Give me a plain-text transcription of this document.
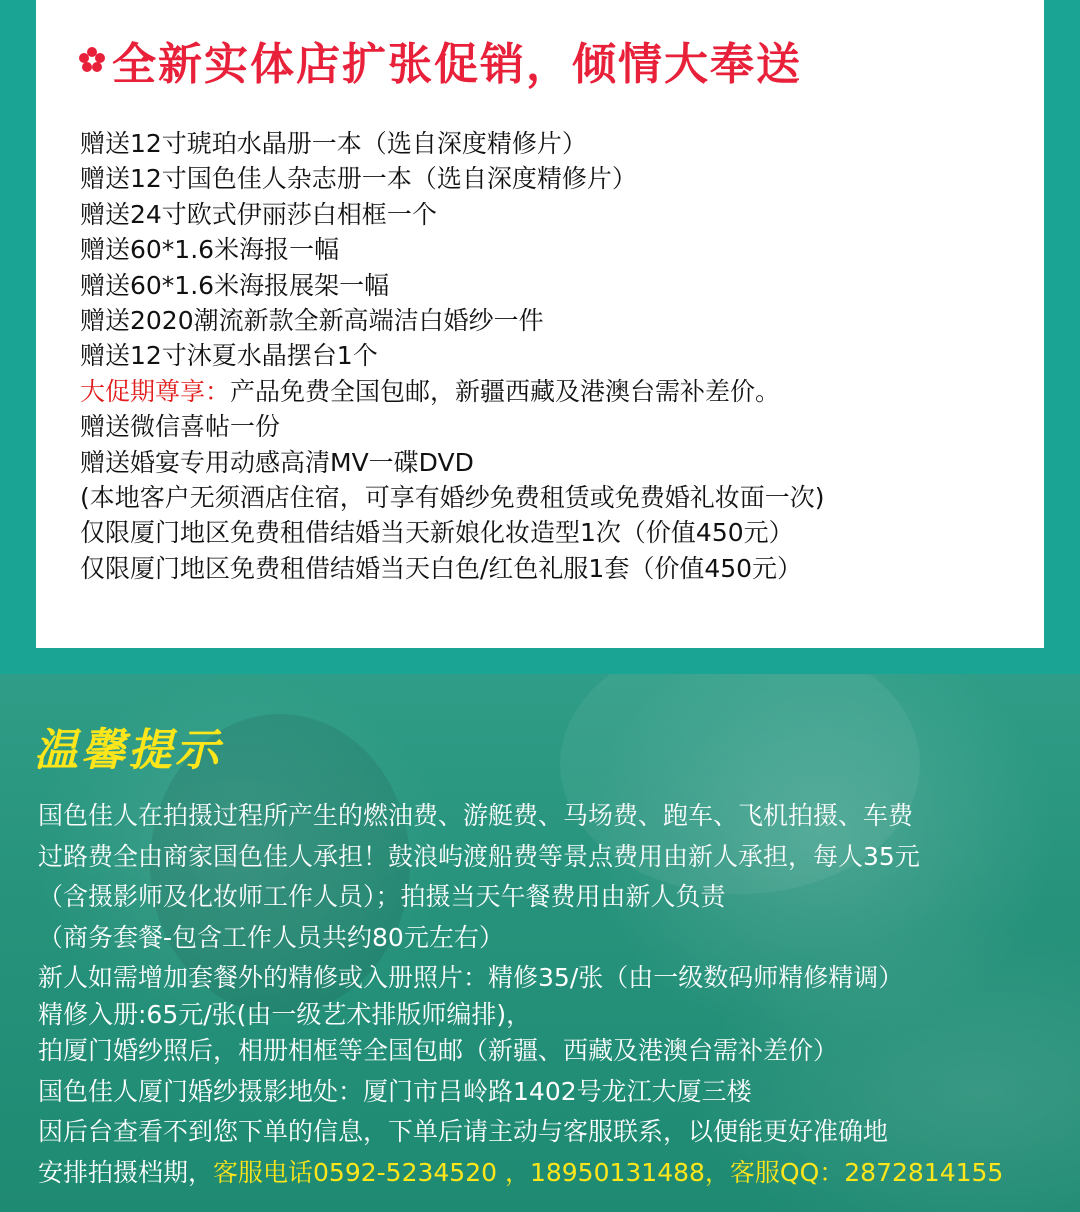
全新实体店扩张促销，倾情大奉送
赠送12寸琥珀水晶册一本（选自深度精修片）
赠送12寸国色佳人杂志册一本（选自深度精修片）
赠送24寸欧式伊丽莎白相框一个
赠送60*1.6米海报一幅
赠送60*1.6米海报展架一幅
赠送2020潮流新款全新高端洁白婚纱一件
赠送12寸沐夏水晶摆台1个
大促期尊享：产品免费全国包邮，新疆西藏及港澳台需补差价。
赠送微信喜帖一份
赠送婚宴专用动感高清MV一碟DVD
(本地客户无须酒店住宿，可享有婚纱免费租赁或免费婚礼妆面一次)
仅限厦门地区免费租借结婚当天新娘化妆造型1次（价值450元）
仅限厦门地区免费租借结婚当天白色/红色礼服1套（价值450元）
温馨提示
国色佳人在拍摄过程所产生的燃油费、游艇费、马场费、跑车、飞机拍摄、车费
过路费全由商家国色佳人承担！鼓浪屿渡船费等景点费用由新人承担，每人35元
（含摄影师及化妆师工作人员）；拍摄当天午餐费用由新人负责
（商务套餐-包含工作人员共约80元左右）
新人如需增加套餐外的精修或入册照片：精修35/张（由一级数码师精修精调）
精修入册:65元/张(由一级艺术排版师编排)，
拍厦门婚纱照后，相册相框等全国包邮（新疆、西藏及港澳台需补差价）
国色佳人厦门婚纱摄影地处：厦门市吕岭路1402号龙江大厦三楼
因后台查看不到您下单的信息，下单后请主动与客服联系，以便能更好准确地
安排拍摄档期，客服电话0592-5234520 ，18950131488，客服QQ：2872814155
